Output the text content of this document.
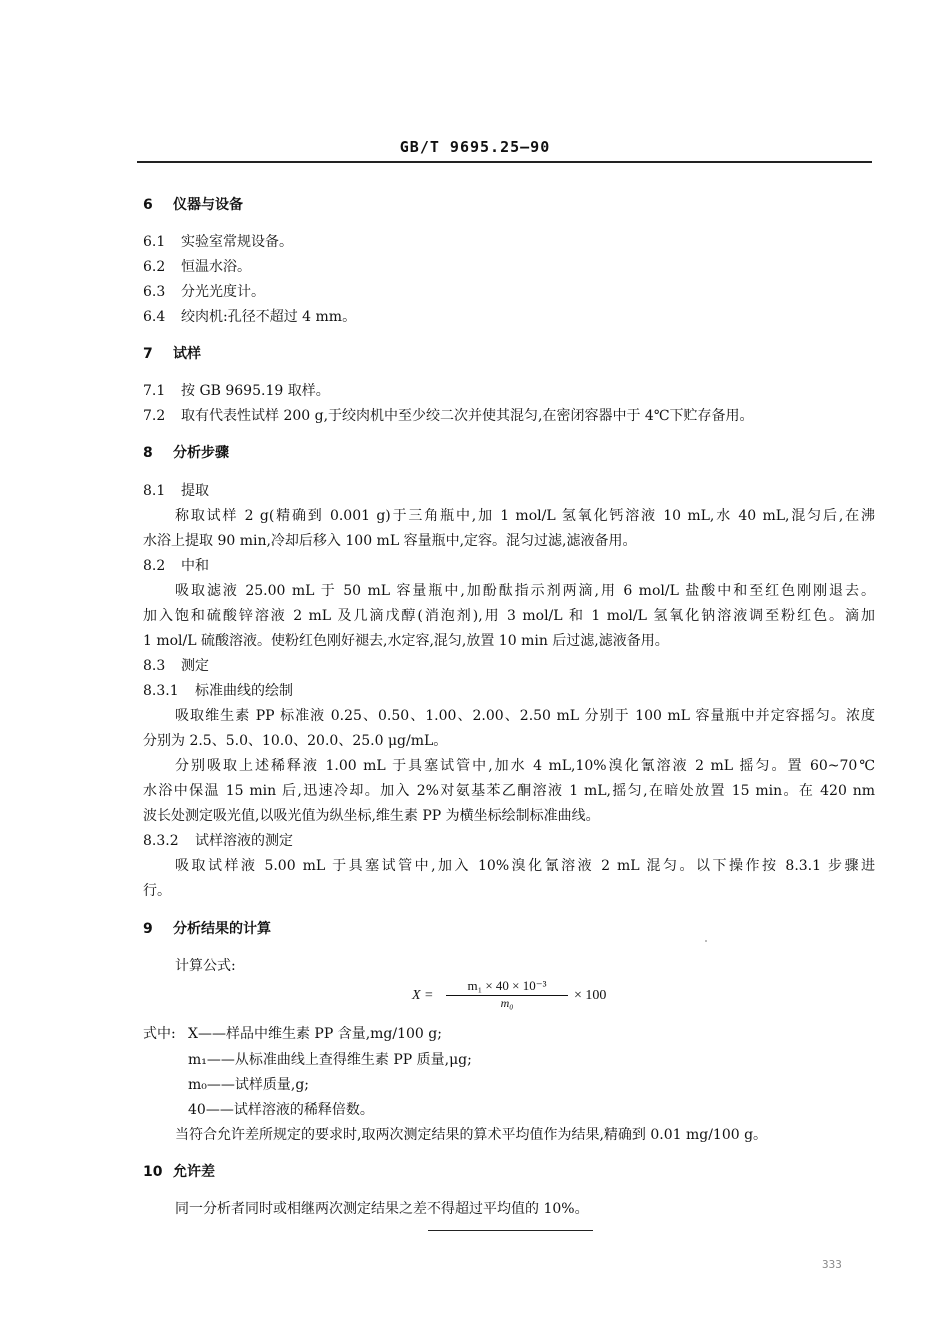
GB/T 9695.25—90
6 仪器与设备
6.1 实验室常规设备。
6.2 恒温水浴。
6.3 分光光度计。
6.4 绞肉机:孔径不超过 4 mm。
7 试样
7.1 按 GB 9695.19 取样。
7.2 取有代表性试样 200 g,于绞肉机中至少绞二次并使其混匀,在密闭容器中于 4℃下贮存备用。
8 分析步骤
8.1 提取
称取试样 2 g(精确到 0.001 g)于三角瓶中,加 1 mol/L 氢氧化钙溶液 10 mL,水 40 mL,混匀后,在沸
水浴上提取 90 min,冷却后移入 100 mL 容量瓶中,定容。混匀过滤,滤液备用。
8.2 中和
吸取滤液 25.00 mL 于 50 mL 容量瓶中,加酚酞指示剂两滴,用 6 mol/L 盐酸中和至红色刚刚退去。
加入饱和硫酸锌溶液 2 mL 及几滴戊醇(消泡剂),用 3 mol/L 和 1 mol/L 氢氧化钠溶液调至粉红色。滴加
1 mol/L 硫酸溶液。使粉红色刚好褪去,水定容,混匀,放置 10 min 后过滤,滤液备用。
8.3 测定
8.3.1 标准曲线的绘制
吸取维生素 PP 标准液 0.25、0.50、1.00、2.00、2.50 mL 分别于 100 mL 容量瓶中并定容摇匀。浓度
分别为 2.5、5.0、10.0、20.0、25.0 μg/mL。
分别吸取上述稀释液 1.00 mL 于具塞试管中,加水 4 mL,10%溴化氰溶液 2 mL 摇匀。置 60~70℃
水浴中保温 15 min 后,迅速冷却。加入 2%对氨基苯乙酮溶液 1 mL,摇匀,在暗处放置 15 min。在 420 nm
波长处测定吸光值,以吸光值为纵坐标,维生素 PP 为横坐标绘制标准曲线。
8.3.2 试样溶液的测定
吸取试样液 5.00 mL 于具塞试管中,加入 10%溴化氰溶液 2 mL 混匀。以下操作按 8.3.1 步骤进
行。
9 分析结果的计算
计算公式:
$X = \frac{\text{m₁ × 40 × 10⁻³}}{\text{m₀}} \times 100$
式中: X——样品中维生素 PP 含量,mg/100 g;
m₁——从标准曲线上查得维生素 PP 质量,μg;
m₀——试样质量,g;
40——试样溶液的稀释倍数。
当符合允许差所规定的要求时,取两次测定结果的算术平均值作为结果,精确到 0.01 mg/100 g。
10 允许差
同一分析者同时或相继两次测定结果之差不得超过平均值的 10%。
333
